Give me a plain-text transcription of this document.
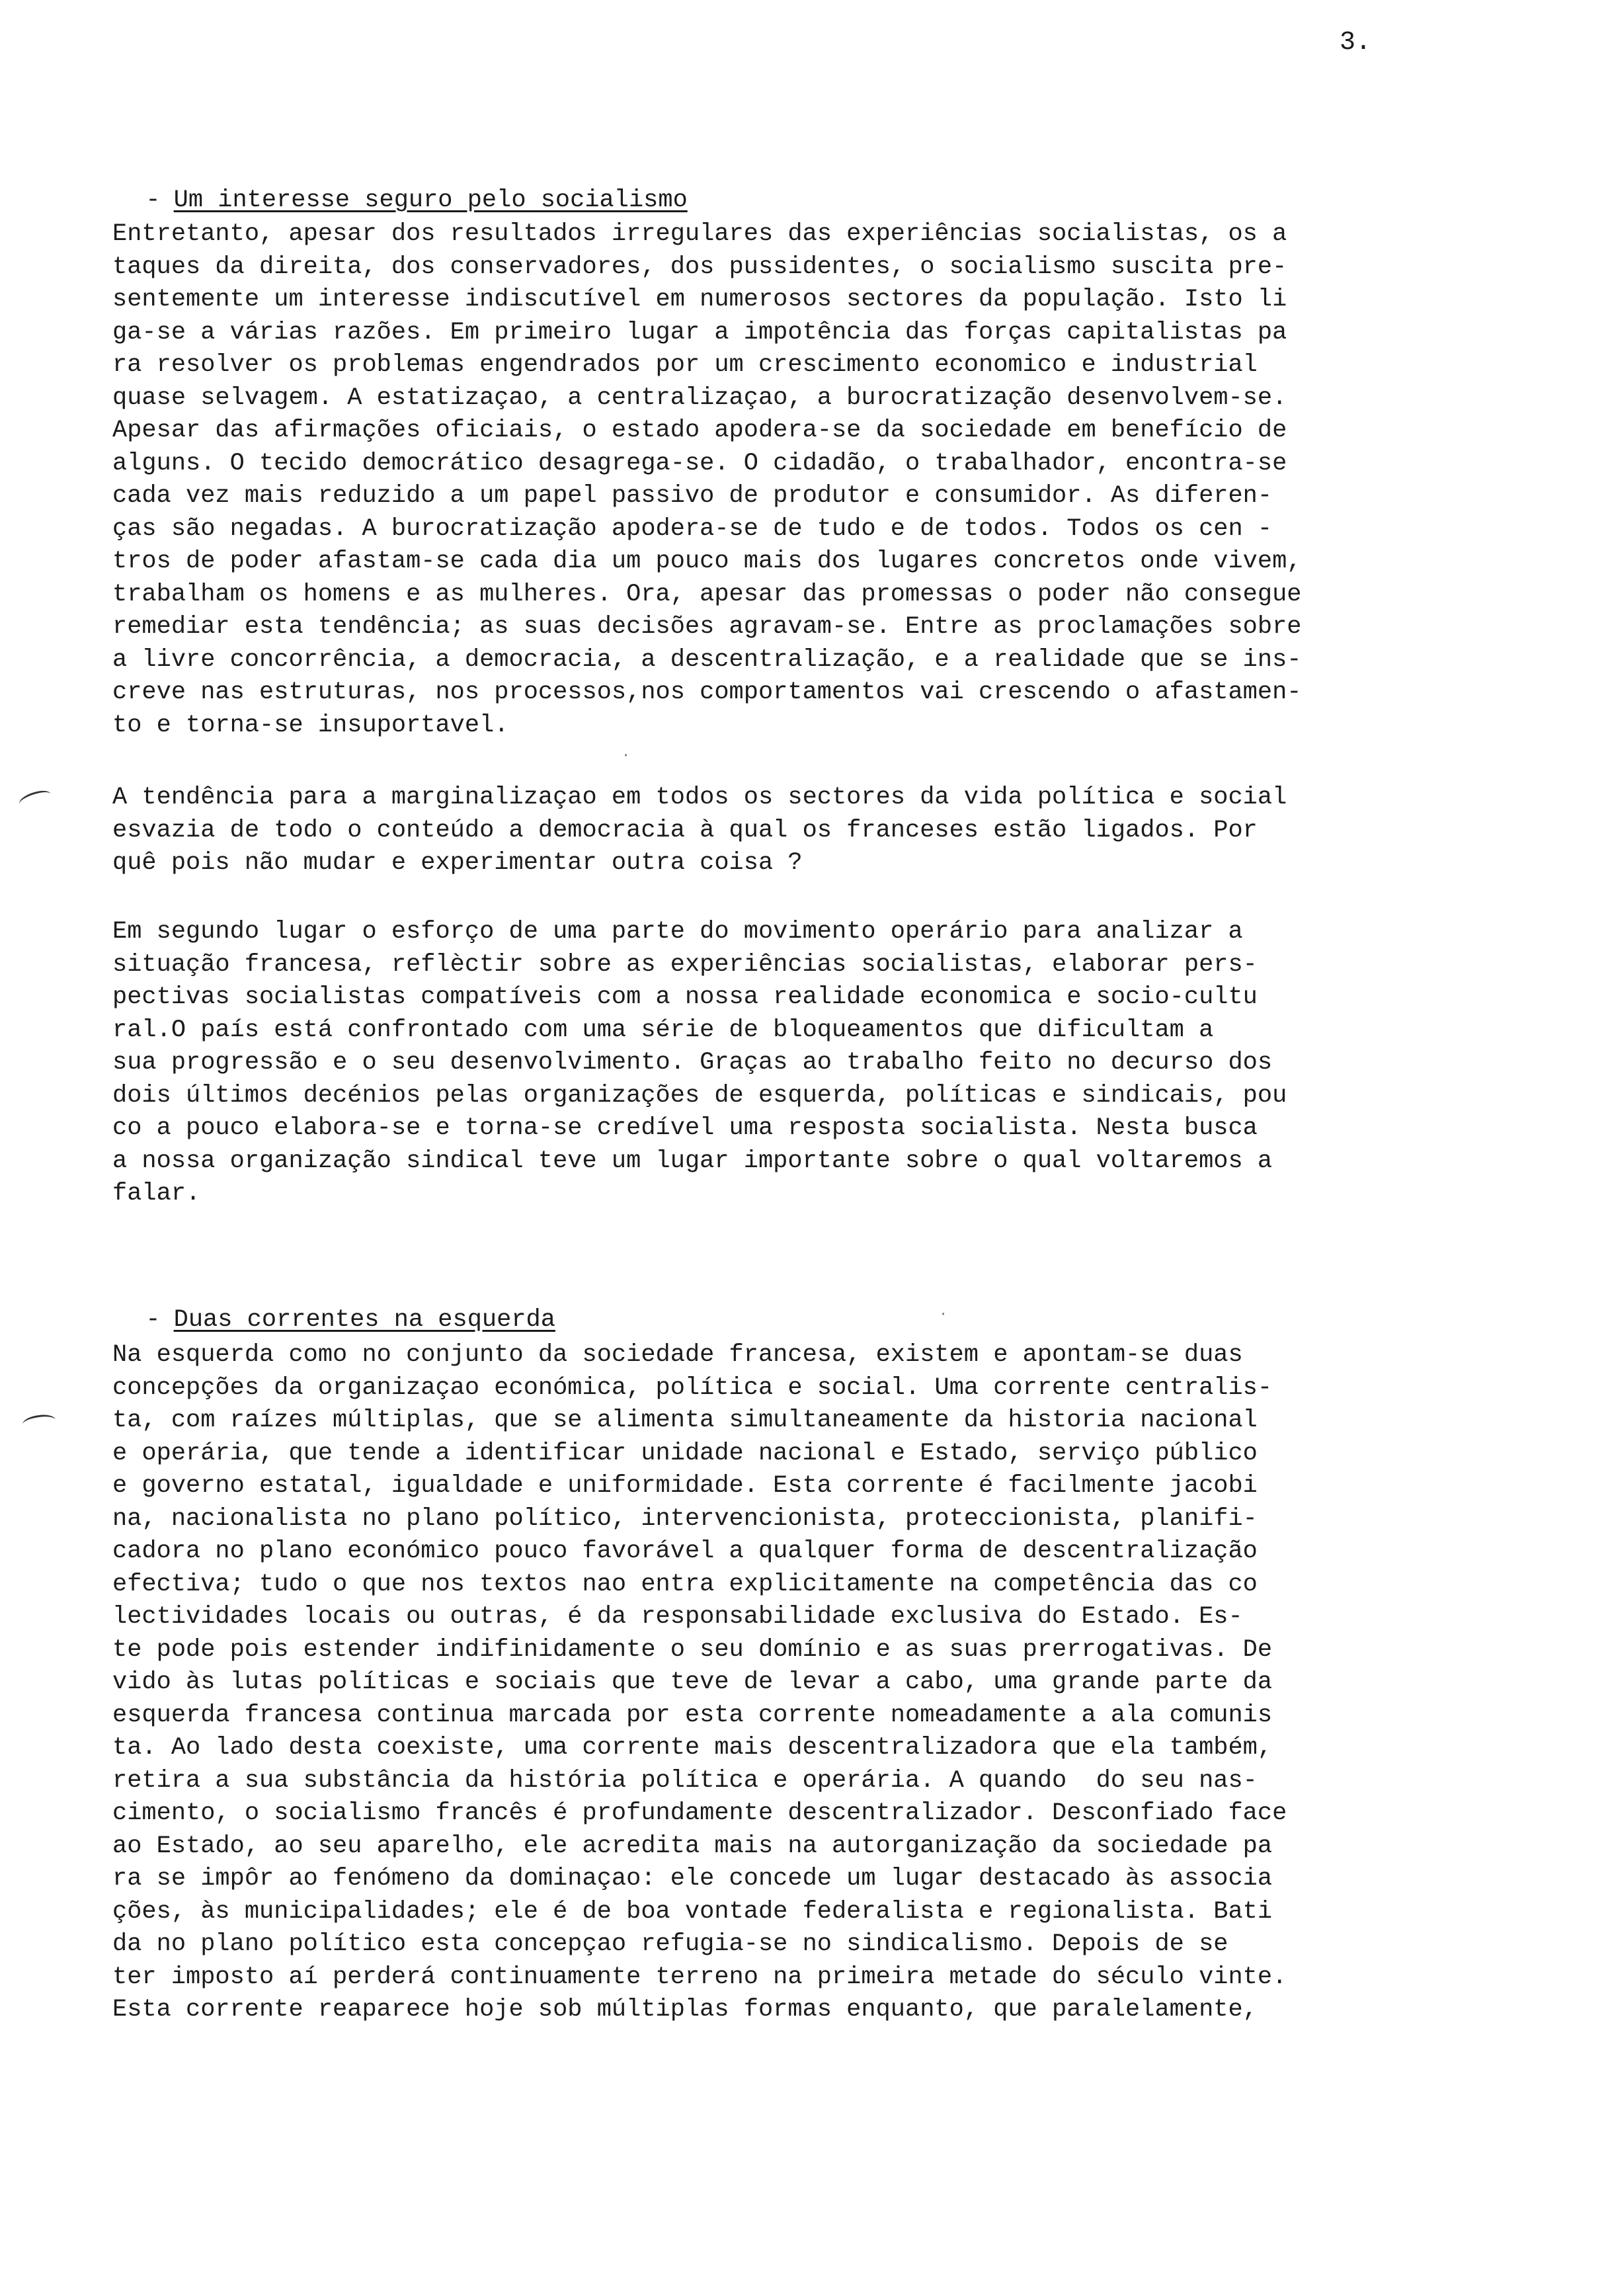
3.

- Um interesse seguro pelo socialismo

Entretanto, apesar dos resultados irregulares das experiências socialistas, os a
taques da direita, dos conservadores, dos pussidentes, o socialismo suscita pre-
sentemente um interesse indiscutível em numerosos sectores da população. Isto li
ga-se a várias razões. Em primeiro lugar a impotência das forças capitalistas pa
ra resolver os problemas engendrados por um crescimento economico e industrial
quase selvagem. A estatizaçao, a centralizaçao, a burocratização desenvolvem-se.
Apesar das afirmações oficiais, o estado apodera-se da sociedade em benefício de
alguns. O tecido democrático desagrega-se. O cidadão, o trabalhador, encontra-se
cada vez mais reduzido a um papel passivo de produtor e consumidor. As diferen-
ças são negadas. A burocratização apodera-se de tudo e de todos. Todos os cen -
tros de poder afastam-se cada dia um pouco mais dos lugares concretos onde vivem,
trabalham os homens e as mulheres. Ora, apesar das promessas o poder não consegue
remediar esta tendência; as suas decisões agravam-se. Entre as proclamações sobre
a livre concorrência, a democracia, a descentralização, e a realidade que se ins-
creve nas estruturas, nos processos,nos comportamentos vai crescendo o afastamen-
to e torna-se insuportavel.

A tendência para a marginalizaçao em todos os sectores da vida política e social
esvazia de todo o conteúdo a democracia à qual os franceses estão ligados. Por
quê pois não mudar e experimentar outra coisa ?

Em segundo lugar o esforço de uma parte do movimento operário para analizar a
situação francesa, reflèctir sobre as experiências socialistas, elaborar pers-
pectivas socialistas compatíveis com a nossa realidade economica e socio-cultu
ral.O país está confrontado com uma série de bloqueamentos que dificultam a
sua progressão e o seu desenvolvimento. Graças ao trabalho feito no decurso dos
dois últimos decénios pelas organizações de esquerda, políticas e sindicais, pou
co a pouco elabora-se e torna-se credível uma resposta socialista. Nesta busca
a nossa organização sindical teve um lugar importante sobre o qual voltaremos a
falar.

- Duas correntes na esquerda

Na esquerda como no conjunto da sociedade francesa, existem e apontam-se duas
concepções da organizaçao económica, política e social. Uma corrente centralis-
ta, com raízes múltiplas, que se alimenta simultaneamente da historia nacional
e operária, que tende a identificar unidade nacional e Estado, serviço público
e governo estatal, igualdade e uniformidade. Esta corrente é facilmente jacobi
na, nacionalista no plano político, intervencionista, proteccionista, planifi-
cadora no plano económico pouco favorável a qualquer forma de descentralização
efectiva; tudo o que nos textos nao entra explicitamente na competência das co
lectividades locais ou outras, é da responsabilidade exclusiva do Estado. Es-
te pode pois estender indifinidamente o seu domínio e as suas prerrogativas. De
vido às lutas políticas e sociais que teve de levar a cabo, uma grande parte da
esquerda francesa continua marcada por esta corrente nomeadamente a ala comunis
ta. Ao lado desta coexiste, uma corrente mais descentralizadora que ela também,
retira a sua substância da história política e operária. A quando  do seu nas-
cimento, o socialismo francês é profundamente descentralizador. Desconfiado face
ao Estado, ao seu aparelho, ele acredita mais na autorganização da sociedade pa
ra se impôr ao fenómeno da dominaçao: ele concede um lugar destacado às associa
ções, às municipalidades; ele é de boa vontade federalista e regionalista. Bati
da no plano político esta concepçao refugia-se no sindicalismo. Depois de se
ter imposto aí perderá continuamente terreno na primeira metade do século vinte.
Esta corrente reaparece hoje sob múltiplas formas enquanto, que paralelamente,

·
·
